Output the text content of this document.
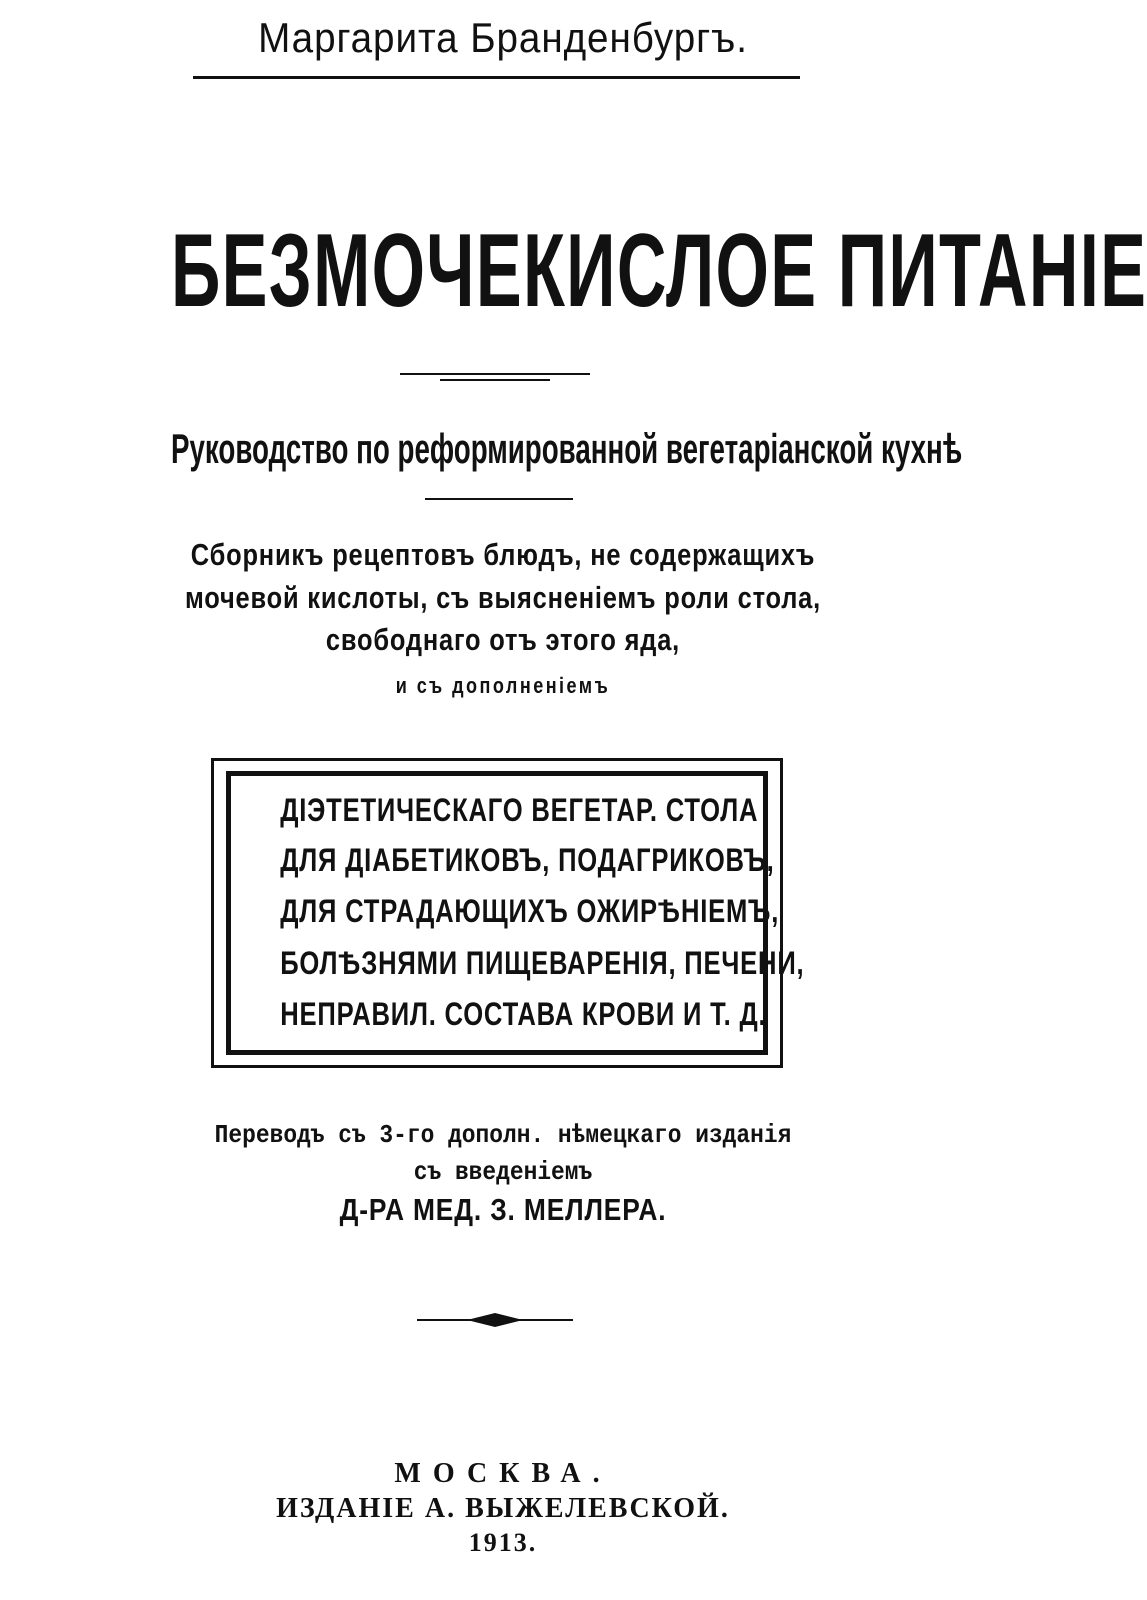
Маргарита Бранденбургъ.
БЕЗМОЧЕКИСЛОЕ ПИТАНІЕ
Руководство по реформированной вегетаріанской кухнѣ
Сборникъ рецептовъ блюдъ, не содержащихъ
мочевой кислоты, съ выясненіемъ роли стола,
свободнаго отъ этого яда,
и съ дополненіемъ
ДІЭТЕТИЧЕСКАГО ВЕГЕТАР. СТОЛА
ДЛЯ ДІАБЕТИКОВЪ, ПОДАГРИКОВЪ,
ДЛЯ СТРАДАЮЩИХЪ ОЖИРѢНІЕМЪ,
БОЛѢЗНЯМИ ПИЩЕВАРЕНІЯ, ПЕЧЕНИ,
НЕПРАВИЛ. СОСТАВА КРОВИ И Т. Д.
Переводъ съ 3-го дополн. нѣмецкаго изданія
съ введеніемъ
Д-РА МЕД. З. МЕЛЛЕРА.
МОСКВА.
ИЗДАНІЕ А. ВЫЖЕЛЕВСКОЙ.
1913.
